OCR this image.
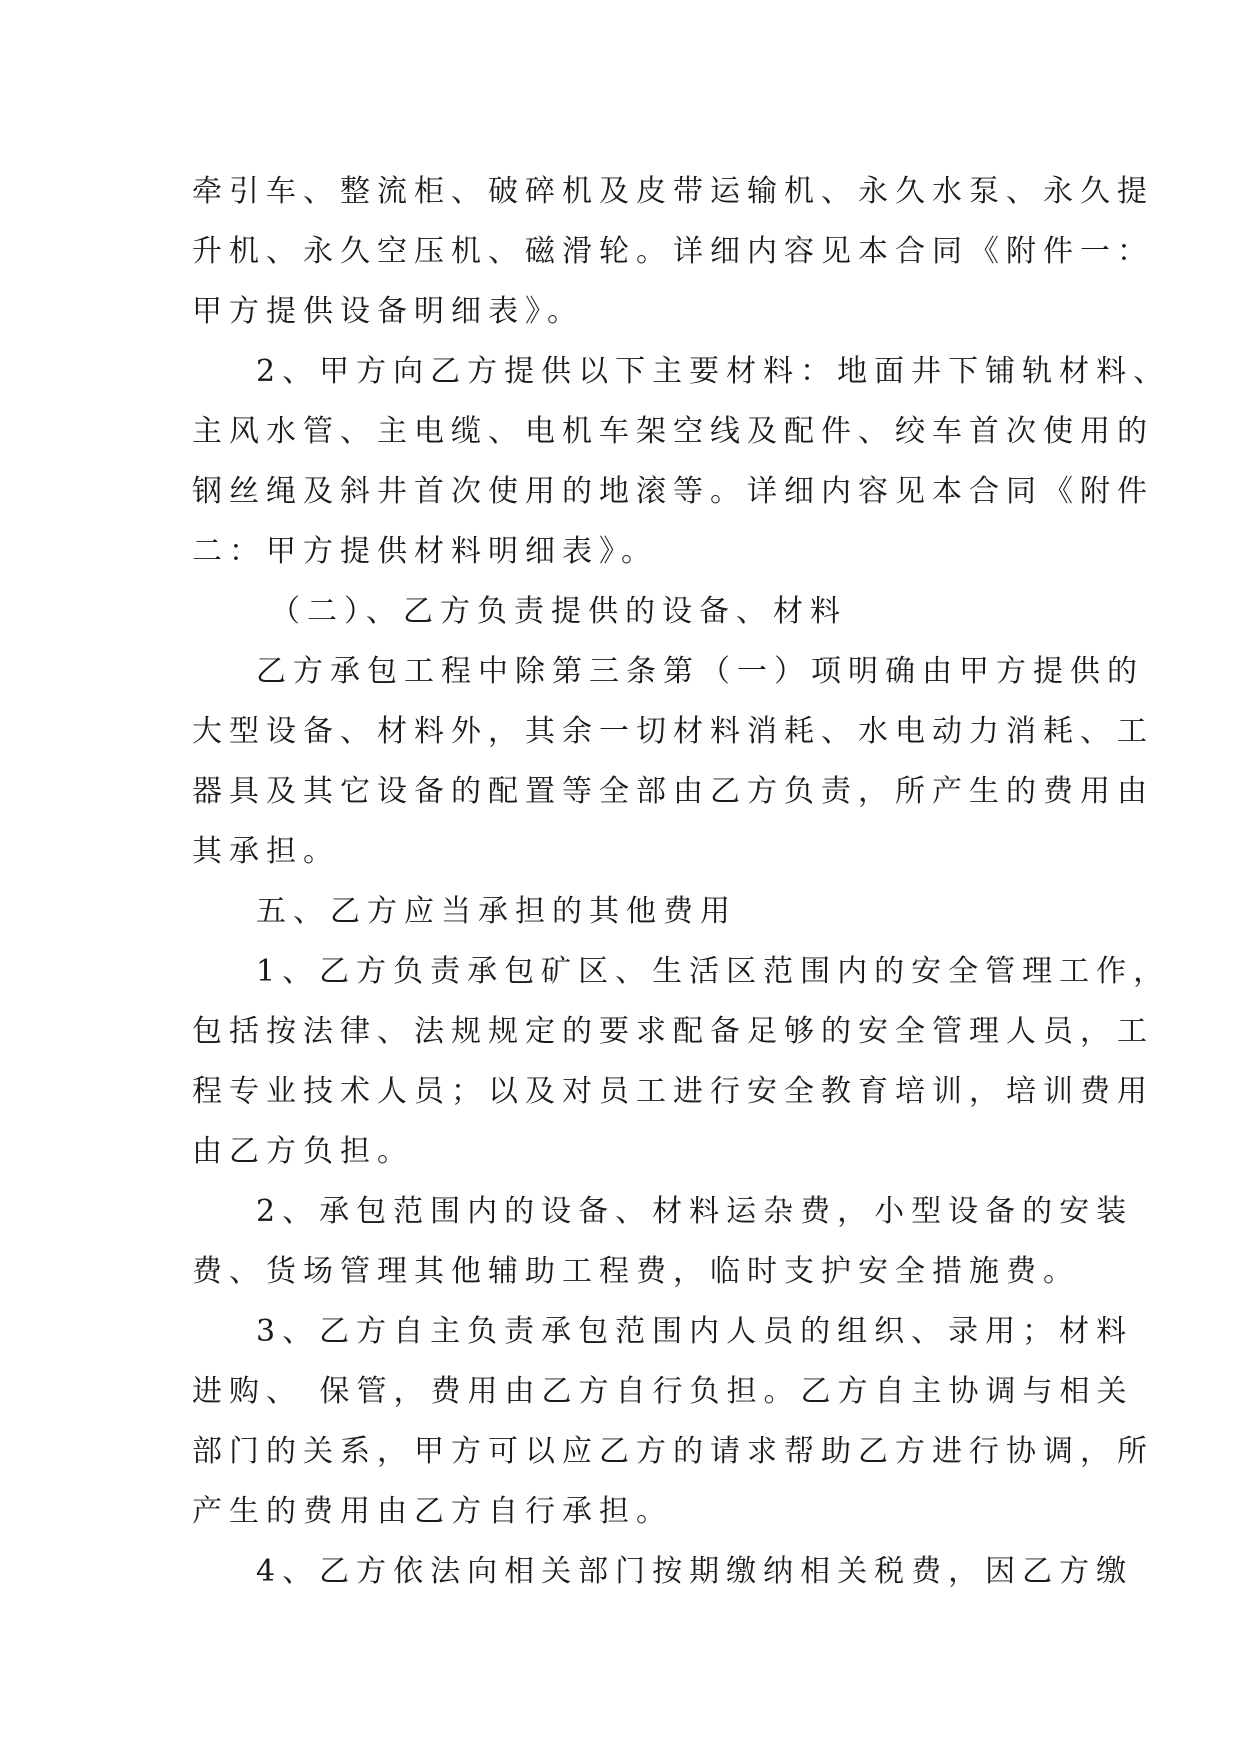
牵引车、整流柜、破碎机及皮带运输机、永久水泵、永久提
升机、永久空压机、磁滑轮。详细内容见本合同《附件一：
甲方提供设备明细表》。
2、甲方向乙方提供以下主要材料：地面井下铺轨材料、
主风水管、主电缆、电机车架空线及配件、绞车首次使用的
钢丝绳及斜井首次使用的地滚等。详细内容见本合同《附件
二：甲方提供材料明细表》。
（二）、乙方负责提供的设备、材料
乙方承包工程中除第三条第（一）项明确由甲方提供的
大型设备、材料外，其余一切材料消耗、水电动力消耗、工
器具及其它设备的配置等全部由乙方负责，所产生的费用由
其承担。
五、乙方应当承担的其他费用
1、乙方负责承包矿区、生活区范围内的安全管理工作，
包括按法律、法规规定的要求配备足够的安全管理人员，工
程专业技术人员；以及对员工进行安全教育培训，培训费用
由乙方负担。
2、承包范围内的设备、材料运杂费，小型设备的安装
费、货场管理其他辅助工程费，临时支护安全措施费。
3、乙方自主负责承包范围内人员的组织、录用；材料
进购、 保管，费用由乙方自行负担。乙方自主协调与相关
部门的关系，甲方可以应乙方的请求帮助乙方进行协调，所
产生的费用由乙方自行承担。
4、乙方依法向相关部门按期缴纳相关税费，因乙方缴
